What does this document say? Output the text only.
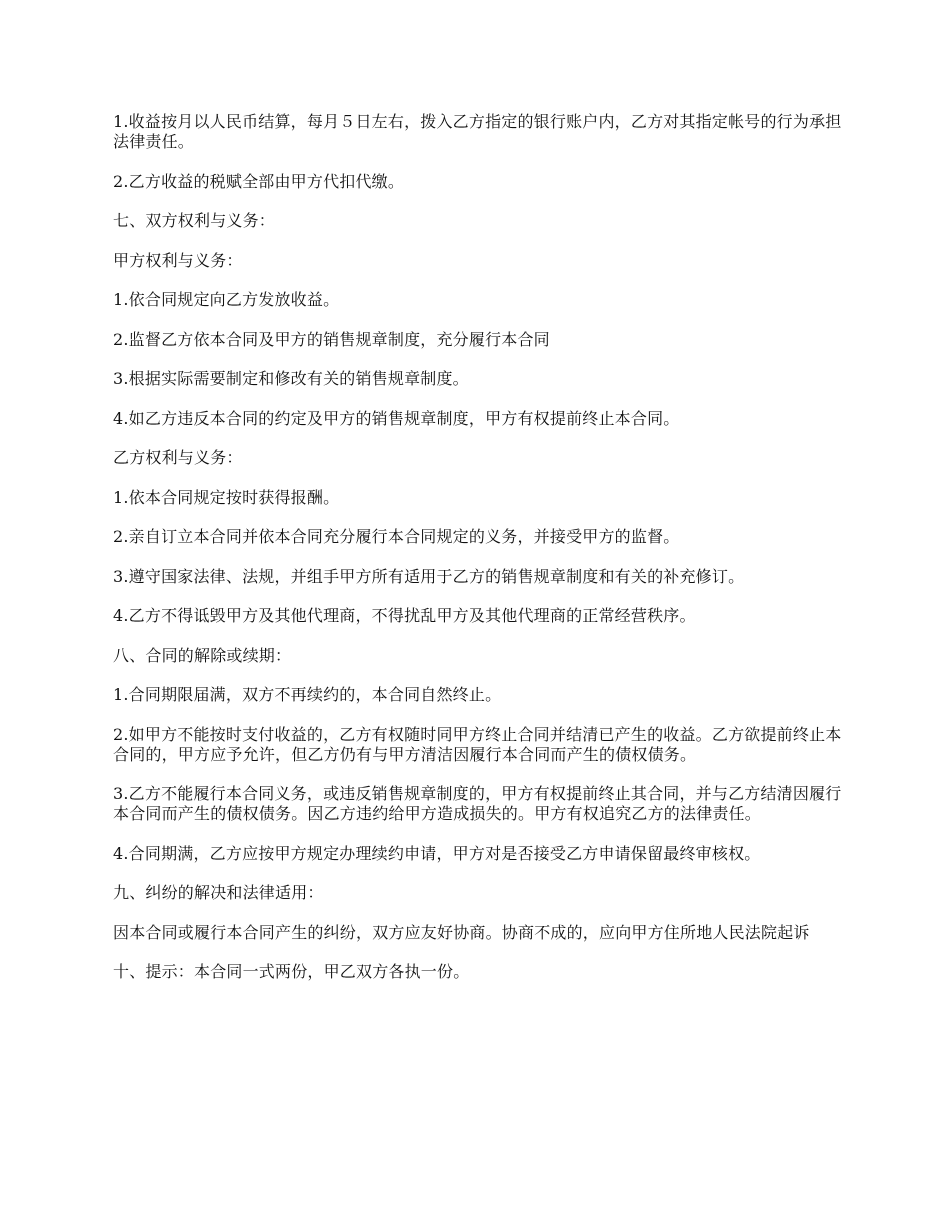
1.收益按月以人民币结算，每月５日左右，拨入乙方指定的银行账户内，乙方对其指定帐号的行为承担法律责任。

2.乙方收益的税赋全部由甲方代扣代缴。

七、双方权利与义务：

甲方权利与义务：

1.依合同规定向乙方发放收益。

2.监督乙方依本合同及甲方的销售规章制度，充分履行本合同

3.根据实际需要制定和修改有关的销售规章制度。

4.如乙方违反本合同的约定及甲方的销售规章制度，甲方有权提前终止本合同。

乙方权利与义务：

1.依本合同规定按时获得报酬。

2.亲自订立本合同并依本合同充分履行本合同规定的义务，并接受甲方的监督。

3.遵守国家法律、法规，并组手甲方所有适用于乙方的销售规章制度和有关的补充修订。

4.乙方不得诋毁甲方及其他代理商，不得扰乱甲方及其他代理商的正常经营秩序。

八、合同的解除或续期：

1.合同期限届满，双方不再续约的，本合同自然终止。

2.如甲方不能按时支付收益的，乙方有权随时同甲方终止合同并结清已产生的收益。乙方欲提前终止本合同的，甲方应予允许，但乙方仍有与甲方清洁因履行本合同而产生的债权债务。

3.乙方不能履行本合同义务，或违反销售规章制度的，甲方有权提前终止其合同，并与乙方结清因履行本合同而产生的债权债务。因乙方违约给甲方造成损失的。甲方有权追究乙方的法律责任。

4.合同期满，乙方应按甲方规定办理续约申请，甲方对是否接受乙方申请保留最终审核权。

九、纠纷的解决和法律适用：

因本合同或履行本合同产生的纠纷，双方应友好协商。协商不成的，应向甲方住所地人民法院起诉

十、提示：本合同一式两份，甲乙双方各执一份。
